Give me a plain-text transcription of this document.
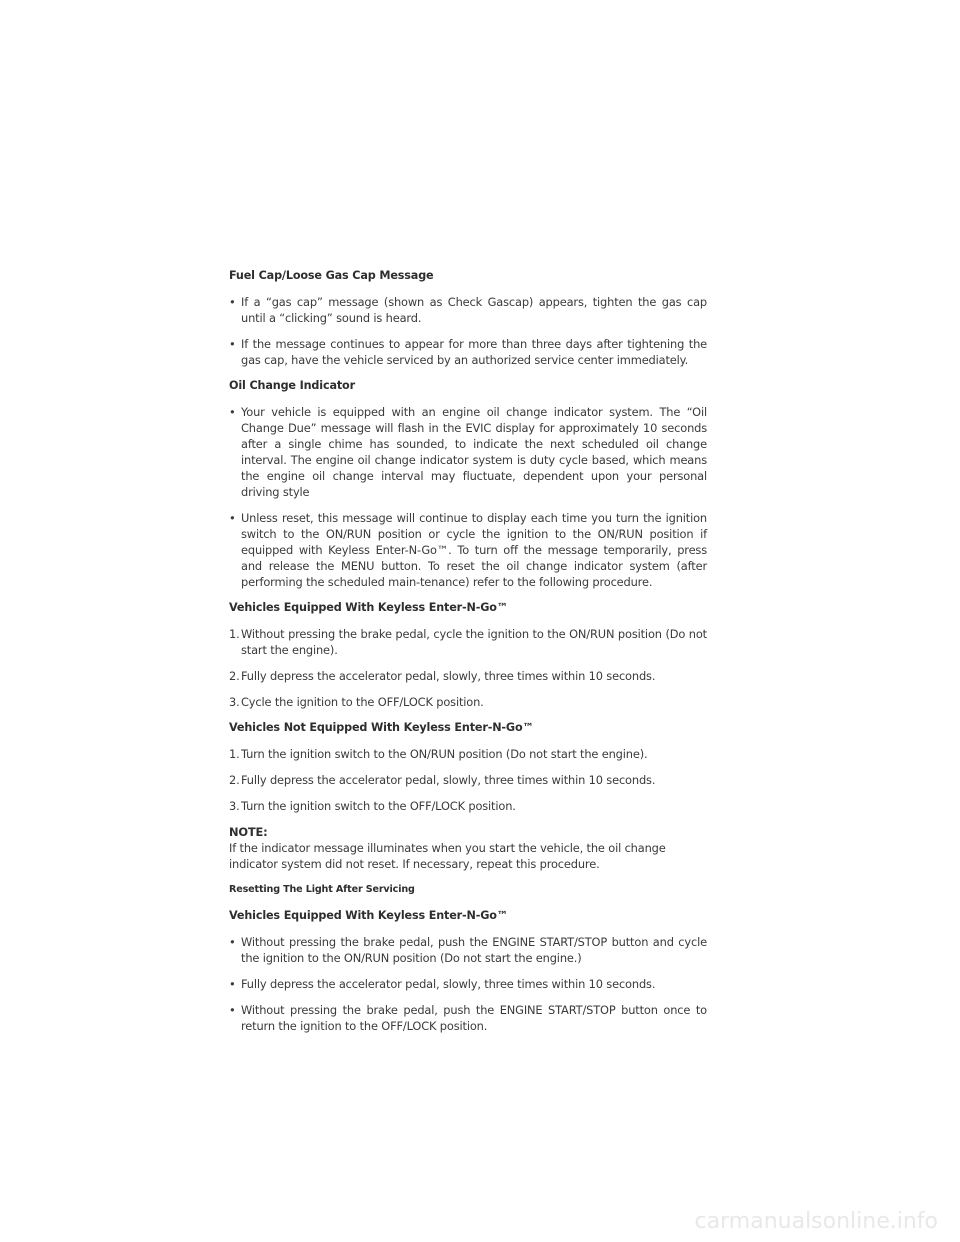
Fuel Cap/Loose Gas Cap Message
• If a “gas cap” message (shown as Check Gascap) appears, tighten the gas cap until a “clicking” sound is heard.
• If the message continues to appear for more than three days after tightening the gas cap, have the vehicle serviced by an authorized service center immediately.
Oil Change Indicator
• Your vehicle is equipped with an engine oil change indicator system. The “Oil Change Due” message will flash in the EVIC display for approximately 10 seconds after a single chime has sounded, to indicate the next scheduled oil change interval. The engine oil change indicator system is duty cycle based, which means the engine oil change interval may fluctuate, dependent upon your personal driving style
• Unless reset, this message will continue to display each time you turn the ignition switch to the ON/RUN position or cycle the ignition to the ON/RUN position if equipped with Keyless Enter-N-Go™. To turn off the message temporarily, press and release the MENU button. To reset the oil change indicator system (after performing the scheduled main-tenance) refer to the following procedure.
Vehicles Equipped With Keyless Enter-N-Go™
1. Without pressing the brake pedal, cycle the ignition to the ON/RUN position (Do not start the engine).
2. Fully depress the accelerator pedal, slowly, three times within 10 seconds.
3. Cycle the ignition to the OFF/LOCK position.
Vehicles Not Equipped With Keyless Enter-N-Go™
1. Turn the ignition switch to the ON/RUN position (Do not start the engine).
2. Fully depress the accelerator pedal, slowly, three times within 10 seconds.
3. Turn the ignition switch to the OFF/LOCK position.
NOTE:
If the indicator message illuminates when you start the vehicle, the oil change indicator system did not reset. If necessary, repeat this procedure.
Resetting The Light After Servicing
Vehicles Equipped With Keyless Enter-N-Go™
• Without pressing the brake pedal, push the ENGINE START/STOP button and cycle the ignition to the ON/RUN position (Do not start the engine.)
• Fully depress the accelerator pedal, slowly, three times within 10 seconds.
• Without pressing the brake pedal, push the ENGINE START/STOP button once to return the ignition to the OFF/LOCK position.
carmanualsonline.info
